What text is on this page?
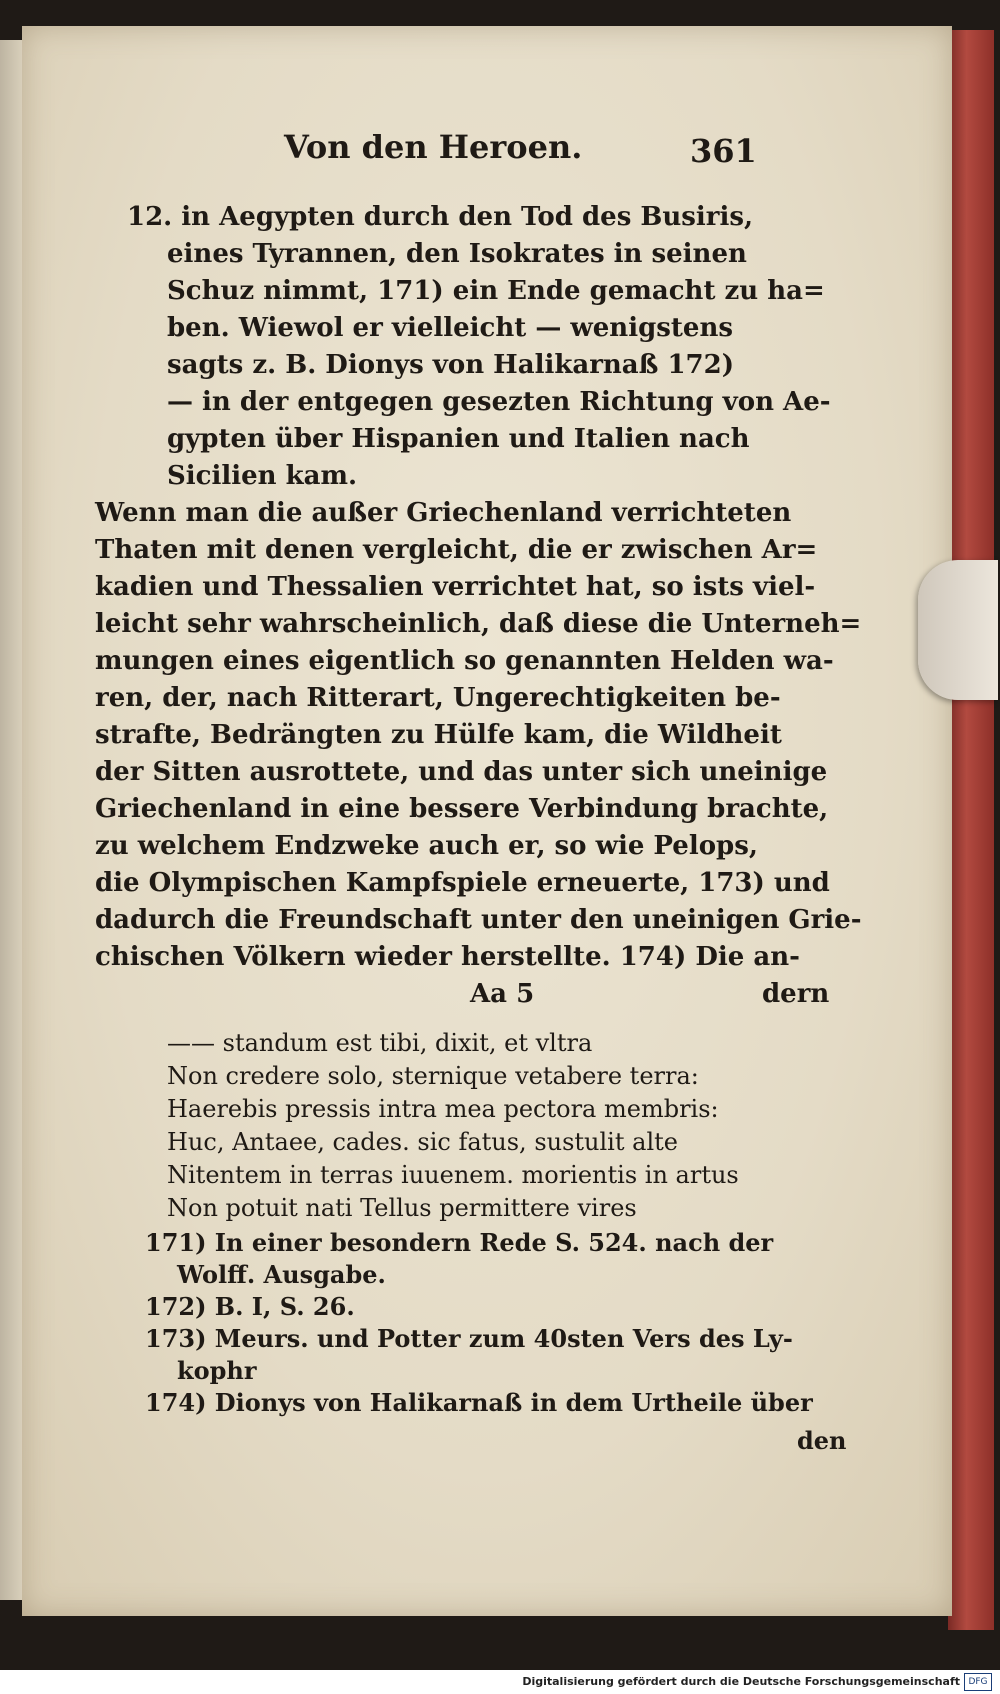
Von den Heroen.	361

12. in Aegypten durch den Tod des Busiris,

eines Tyrannen, den Isokrates in seinen

Schuz nimmt, 171) ein Ende gemacht zu ha=

ben. Wiewol er vielleicht — wenigstens

sagts z. B. Dionys von Halikarnaß 172)

— in der entgegen gesezten Richtung von Ae-

gypten über Hispanien und Italien nach

Sicilien kam.

Wenn man die außer Griechenland verrichteten

Thaten mit denen vergleicht, die er zwischen Ar=

kadien und Thessalien verrichtet hat, so ists viel-

leicht sehr wahrscheinlich, daß diese die Unterneh=

mungen eines eigentlich so genannten Helden wa-

ren, der, nach Ritterart, Ungerechtigkeiten be-

strafte, Bedrängten zu Hülfe kam, die Wildheit

der Sitten ausrottete, und das unter sich uneinige

Griechenland in eine bessere Verbindung brachte,

zu welchem Endzweke auch er, so wie Pelops,

die Olympischen Kampfspiele erneuerte, 173) und

dadurch die Freundschaft unter den uneinigen Grie-

chischen Völkern wieder herstellte. 174) Die an-

Aa 5	dern

—— standum est tibi, dixit, et vltra

Non credere solo, sternique vetabere terra:

Haerebis pressis intra mea pectora membris:

Huc, Antaee, cades. sic fatus, sustulit alte

Nitentem in terras iuuenem. morientis in artus

Non potuit nati Tellus permittere vires

171) In einer besondern Rede S. 524. nach der

Wolff. Ausgabe.

172) B. I, S. 26.

173) Meurs. und Potter zum 40sten Vers des Ly-

kophr

174) Dionys von Halikarnaß in dem Urtheile über

den

Digitalisierung gefördert durch die Deutsche Forschungsgemeinschaft DFG
